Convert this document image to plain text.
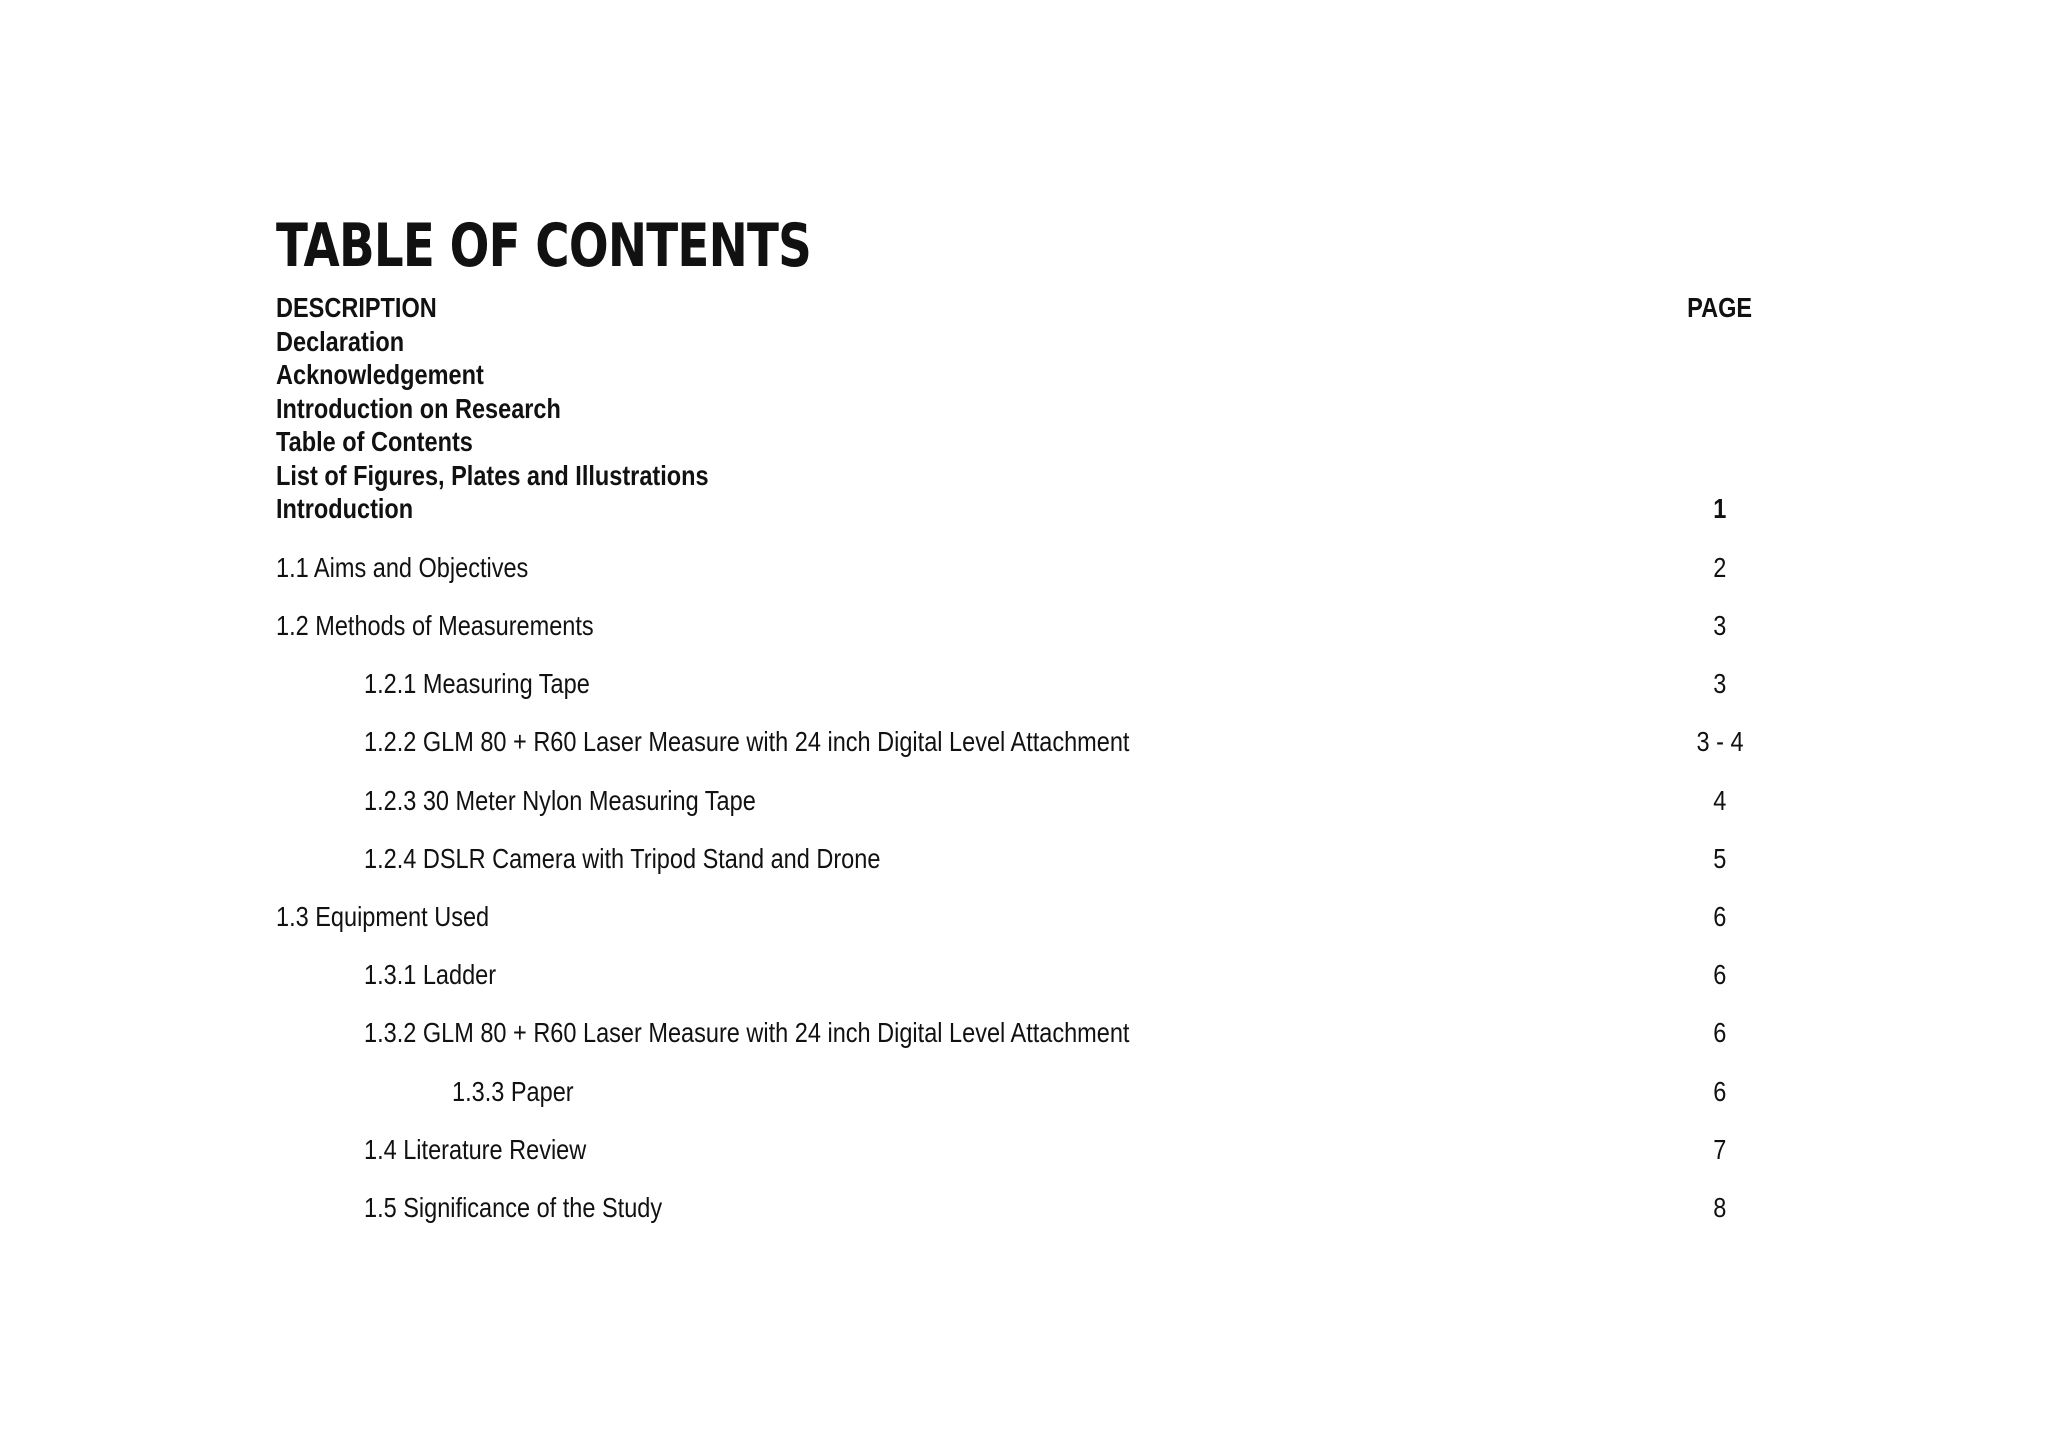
TABLE OF CONTENTS
DESCRIPTION	PAGE
Declaration
Acknowledgement
Introduction on Research
Table of Contents
List of Figures, Plates and Illustrations
Introduction	1
1.1 Aims and Objectives	2
1.2 Methods of Measurements	3
1.2.1 Measuring Tape	3
1.2.2 GLM 80 + R60 Laser Measure with 24 inch Digital Level Attachment	3 - 4
1.2.3 30 Meter Nylon Measuring Tape	4
1.2.4 DSLR Camera with Tripod Stand and Drone	5
1.3 Equipment Used	6
1.3.1 Ladder	6
1.3.2 GLM 80 + R60 Laser Measure with 24 inch Digital Level Attachment	6
1.3.3 Paper	6
1.4 Literature Review	7
1.5 Significance of the Study	8
